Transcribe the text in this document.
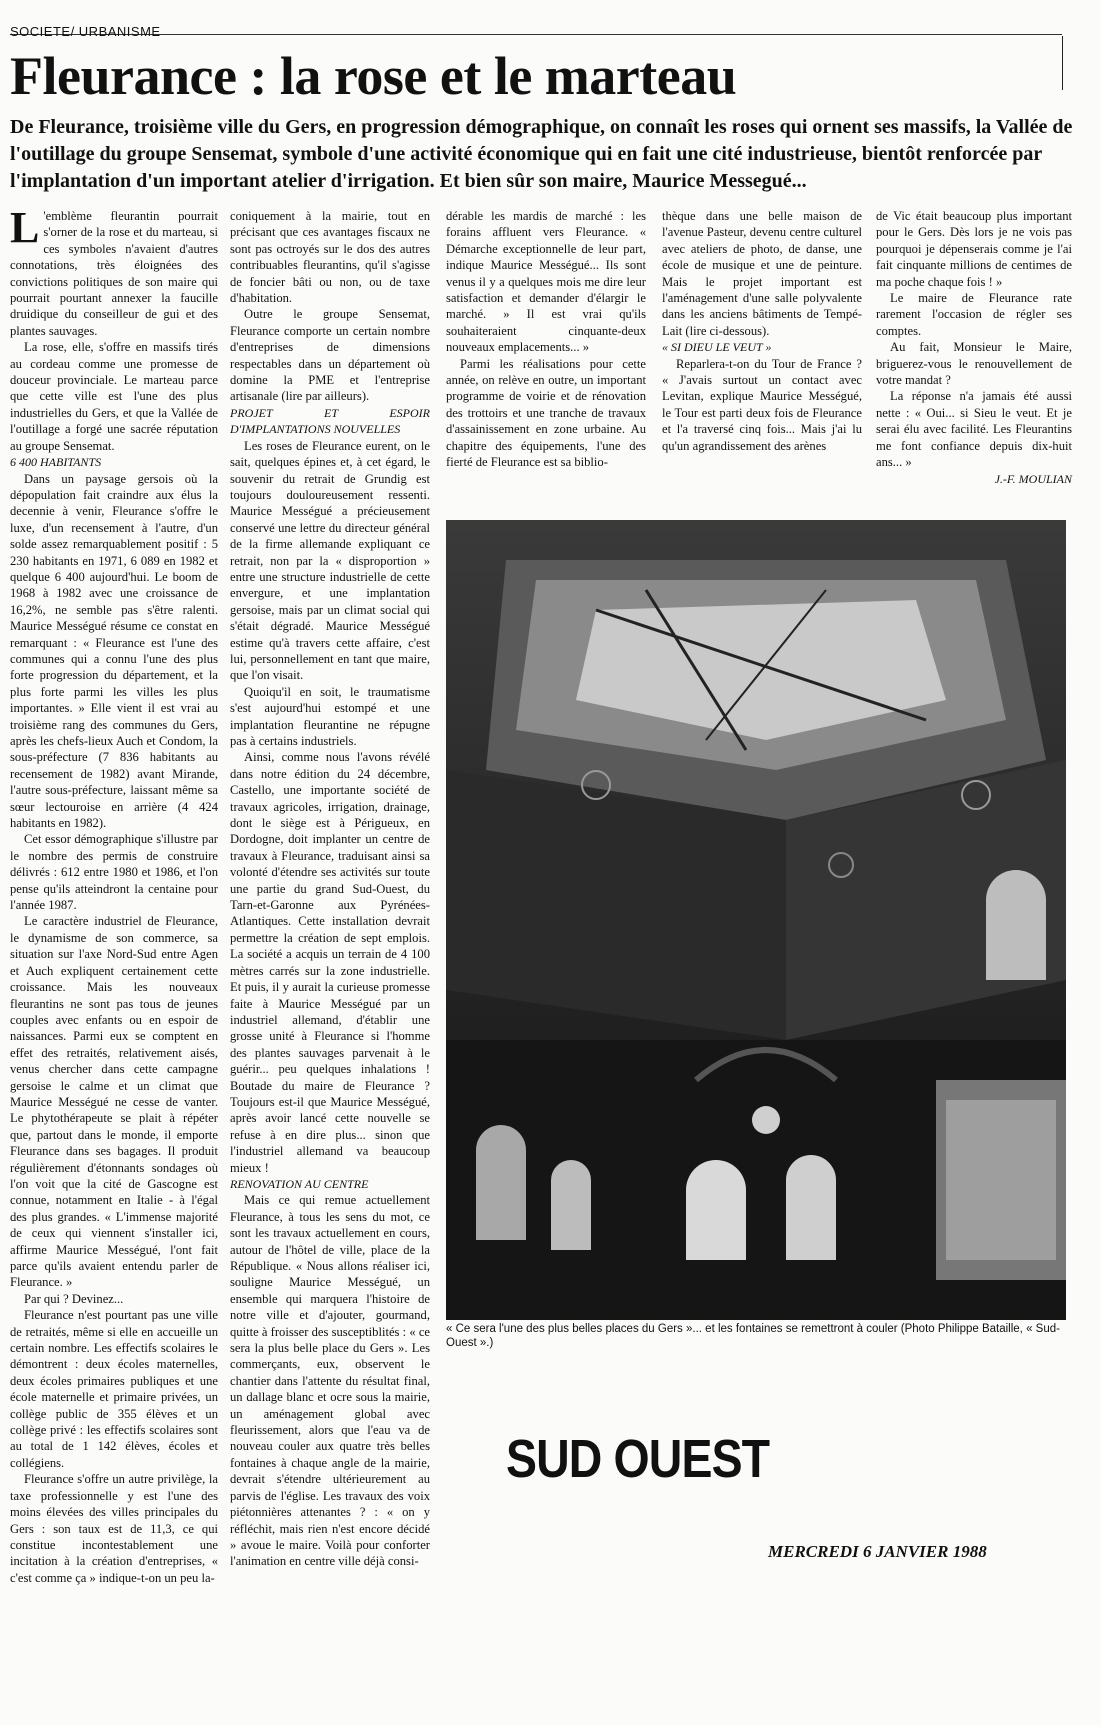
SOCIETE/ URBANISME
Fleurance : la rose et le marteau
De Fleurance, troisième ville du Gers, en progression démographique, on connaît les roses qui ornent ses massifs, la Vallée de l'outillage du groupe Sensemat, symbole d'une activité économique qui en fait une cité industrieuse, bientôt renforcée par l'implantation d'un important atelier d'irrigation. Et bien sûr son maire, Maurice Messegué...

L 'emblème fleurantin pourrait s'orner de la rose et du marteau, si ces symboles n'avaient d'autres connotations, très éloignées des convictions politiques de son maire qui pourrait pourtant annexer la faucille druidique du conseilleur de gui et des plantes sauvages.

La rose, elle, s'offre en massifs tirés au cordeau comme une promesse de douceur provinciale. Le marteau parce que cette ville est l'une des plus industrielles du Gers, et que la Vallée de l'outillage a forgé une sacrée réputation au groupe Sensemat.

6 400 HABITANTS

Dans un paysage gersois où la dépopulation fait craindre aux élus la decennie à venir, Fleurance s'offre le luxe, d'un recensement à l'autre, d'un solde assez remarquablement positif : 5 230 habitants en 1971, 6 089 en 1982 et quelque 6 400 aujourd'hui. Le boom de 1968 à 1982 avec une croissance de 16,2%, ne semble pas s'être ralenti. Maurice Mességué résume ce constat en remarquant : « Fleurance est l'une des communes qui a connu l'une des plus forte progression du département, et la plus forte parmi les villes les plus importantes. » Elle vient il est vrai au troisième rang des communes du Gers, après les chefs-lieux Auch et Condom, la sous-préfecture (7 836 habitants au recensement de 1982) avant Mirande, l'autre sous-préfecture, laissant même sa sœur lectouroise en arrière (4 424 habitants en 1982).

Cet essor démographique s'illustre par le nombre des permis de construire délivrés : 612 entre 1980 et 1986, et l'on pense qu'ils atteindront la centaine pour l'année 1987.

Le caractère industriel de Fleurance, le dynamisme de son commerce, sa situation sur l'axe Nord-Sud entre Agen et Auch expliquent certainement cette croissance. Mais les nouveaux fleurantins ne sont pas tous de jeunes couples avec enfants ou en espoir de naissances. Parmi eux se comptent en effet des retraités, relativement aisés, venus chercher dans cette campagne gersoise le calme et un climat que Maurice Mességué ne cesse de vanter. Le phytothérapeute se plait à répéter que, partout dans le monde, il emporte Fleurance dans ses bagages. Il produit régulièrement d'étonnants sondages où l'on voit que la cité de Gascogne est connue, notamment en Italie - à l'égal des plus grandes. « L'immense majorité de ceux qui viennent s'installer ici, affirme Maurice Mességué, l'ont fait parce qu'ils avaient entendu parler de Fleurance. »

Par qui ? Devinez...

Fleurance n'est pourtant pas une ville de retraités, même si elle en accueille un certain nombre. Les effectifs scolaires le démontrent : deux écoles maternelles, deux écoles primaires publiques et une école maternelle et primaire privées, un collège public de 355 élèves et un collège privé : les effectifs scolaires sont au total de 1 142 élèves, écoles et collégiens.

Fleurance s'offre un autre privilège, la taxe professionnelle y est l'une des moins élevées des villes principales du Gers : son taux est de 11,3, ce qui constitue incontestablement une incitation à la création d'entreprises, « c'est comme ça » indique-t-on un peu la-

coniquement à la mairie, tout en précisant que ces avantages fiscaux ne sont pas octroyés sur le dos des autres contribuables fleurantins, qu'il s'agisse de foncier bâti ou non, ou de taxe d'habitation.

Outre le groupe Sensemat, Fleurance comporte un certain nombre d'entreprises de dimensions respectables dans un département où domine la PME et l'entreprise artisanale (lire par ailleurs).

PROJET ET ESPOIR D'IMPLANTATIONS NOUVELLES

Les roses de Fleurance eurent, on le sait, quelques épines et, à cet égard, le souvenir du retrait de Grundig est toujours douloureusement ressenti. Maurice Mességué a précieusement conservé une lettre du directeur général de la firme allemande expliquant ce retrait, non par la « disproportion » entre une structure industrielle de cette envergure, et une implantation gersoise, mais par un climat social qui s'était dégradé. Maurice Mességué estime qu'à travers cette affaire, c'est lui, personnellement en tant que maire, que l'on visait.

Quoiqu'il en soit, le traumatisme s'est aujourd'hui estompé et une implantation fleurantine ne répugne pas à certains industriels.

Ainsi, comme nous l'avons révélé dans notre édition du 24 décembre, Castello, une importante société de travaux agricoles, irrigation, drainage, dont le siège est à Périgueux, en Dordogne, doit implanter un centre de travaux à Fleurance, traduisant ainsi sa volonté d'étendre ses activités sur toute une partie du grand Sud-Ouest, du Tarn-et-Garonne aux Pyrénées-Atlantiques. Cette installation devrait permettre la création de sept emplois. La société a acquis un terrain de 4 100 mètres carrés sur la zone industrielle. Et puis, il y aurait la curieuse promesse faite à Maurice Mességué par un industriel allemand, d'établir une grosse unité à Fleurance si l'homme des plantes sauvages parvenait à le guérir... peu quelques inhalations ! Boutade du maire de Fleurance ? Toujours est-il que Maurice Mességué, après avoir lancé cette nouvelle se refuse à en dire plus... sinon que l'industriel allemand va beaucoup mieux !

RENOVATION AU CENTRE

Mais ce qui remue actuellement Fleurance, à tous les sens du mot, ce sont les travaux actuellement en cours, autour de l'hôtel de ville, place de la République. « Nous allons réaliser ici, souligne Maurice Mességué, un ensemble qui marquera l'histoire de notre ville et d'ajouter, gourmand, quitte à froisser des susceptiblités : « ce sera la plus belle place du Gers ». Les commerçants, eux, observent le chantier dans l'attente du résultat final, un dallage blanc et ocre sous la mairie, un aménagement global avec fleurissement, alors que l'eau va de nouveau couler aux quatre très belles fontaines à chaque angle de la mairie, devrait s'étendre ultérieurement au parvis de l'église. Les travaux des voix piétonnières attenantes ? : « on y réfléchit, mais rien n'est encore décidé » avoue le maire. Voilà pour conforter l'animation en centre ville déjà consi-

dérable les mardis de marché : les forains affluent vers Fleurance. « Démarche exceptionnelle de leur part, indique Maurice Mességué... Ils sont venus il y a quelques mois me dire leur satisfaction et demander d'élargir le marché. » Il est vrai qu'ils souhaiteraient cinquante-deux nouveaux emplacements... »

Parmi les réalisations pour cette année, on relève en outre, un important programme de voirie et de rénovation des trottoirs et une tranche de travaux d'assainissement en zone urbaine. Au chapitre des équipements, l'une des fierté de Fleurance est sa biblio-

thèque dans une belle maison de l'avenue Pasteur, devenu centre culturel avec ateliers de photo, de danse, une école de musique et une de peinture. Mais le projet important est l'aménagement d'une salle polyvalente dans les anciens bâtiments de Tempé-Lait (lire ci-dessous).

« SI DIEU LE VEUT »

Reparlera-t-on du Tour de France ? « J'avais surtout un contact avec Levitan, explique Maurice Mességué, le Tour est parti deux fois de Fleurance et l'a traversé cinq fois... Mais j'ai lu qu'un agrandissement des arènes

de Vic était beaucoup plus important pour le Gers. Dès lors je ne vois pas pourquoi je dépenserais comme je l'ai fait cinquante millions de centimes de ma poche chaque fois ! »

Le maire de Fleurance rate rarement l'occasion de régler ses comptes.

Au fait, Monsieur le Maire, briguerez-vous le renouvellement de votre mandat ?

La réponse n'a jamais été aussi nette : « Oui... si Sieu le veut. Et je serai élu avec facilité. Les Fleurantins me font confiance depuis dix-huit ans... »

J.-F. MOULIAN

« Ce sera l'une des plus belles places du Gers »... et les fontaines se remettront à couler (Photo Philippe Bataille, « Sud-Ouest ».)
SUD OUEST
MERCREDI 6 JANVIER 1988
